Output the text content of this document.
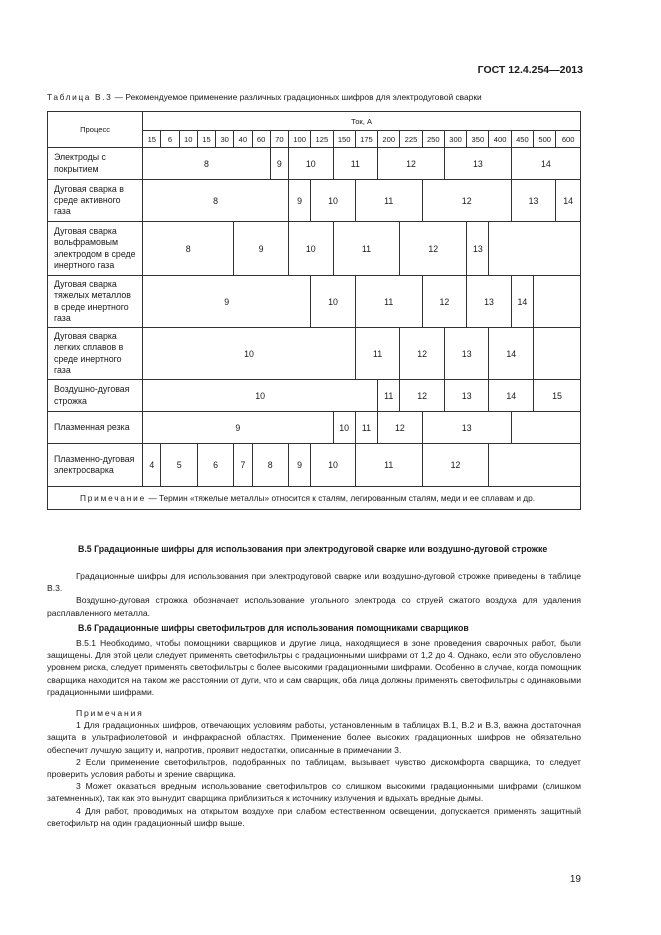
ГОСТ 12.4.254—2013
Таблица В.3 — Рекомендуемое применение различных градационных шифров для электродуговой сварки
Процесс	Ток, А																				
	15	6	10	15	30	40	60	70	100	125	150	175	200	225	250	300	350	400	450	500	600
Электроды с покрытием	8							9	10		11		12			13			14		
Дуговая сварка в среде активного газа	8								9	10		11			12				13		14
Дуговая сварка вольфрамовым электродом в среде инертного газа	8					9			10		11			12			13				
Дуговая сварка тяжелых металлов в среде инертного газа	9									10		11			12		13		14		
Дуговая сварка легких сплавов в среде инертного газа	10											11		12		13		14			
Воздушно-дуговая строжка	10												11	12		13		14		15	
Плазменная резка	9										10	11	12		13						
Плазменно-дуговая электросварка	4	5		6		7	8		9	10		11			12						
Примечание — Термин «тяжелые металлы» относится к сталям, легированным сталям, меди и ее сплавам и др.																					
В.5 Градационные шифры для использования при электродуговой сварке или воздушно-дуговой строжке

Градационные шифры для использования при электродуговой сварке или воздушно-дуговой строжке приведены в таблице В.3.

Воздушно-дуговая строжка обозначает использование угольного электрода со струей сжатого воздуха для удаления расплавленного металла.

В.6 Градационные шифры светофильтров для использования помощниками сварщиков

В.5.1 Необходимо, чтобы помощники сварщиков и другие лица, находящиеся в зоне проведения сварочных работ, были защищены. Для этой цели следует применять светофильтры с градационными шифрами от 1,2 до 4. Однако, если это обусловлено уровнем риска, следует применять светофильтры с более высокими градационными шифрами. Особенно в случае, когда помощник сварщика находится на таком же расстоянии от дуги, что и сам сварщик, оба лица должны применять светофильтры с одинаковыми градационными шифрами.

Примечания

1 Для градационных шифров, отвечающих условиям работы, установленным в таблицах В.1, В.2 и В.3, важна достаточная защита в ультрафиолетовой и инфракрасной областях. Применение более высоких градационных шифров не обязательно обеспечит лучшую защиту и, напротив, проявит недостатки, описанные в примечании 3.

2 Если применение светофильтров, подобранных по таблицам, вызывает чувство дискомфорта сварщика, то следует проверить условия работы и зрение сварщика.

3 Может оказаться вредным использование светофильтров со слишком высокими градационными шифрами (слишком затемненных), так как это вынудит сварщика приблизиться к источнику излучения и вдыхать вредные дымы.

4 Для работ, проводимых на открытом воздухе при слабом естественном освещении, допускается применять защитный светофильтр на один градационный шифр выше.

19
